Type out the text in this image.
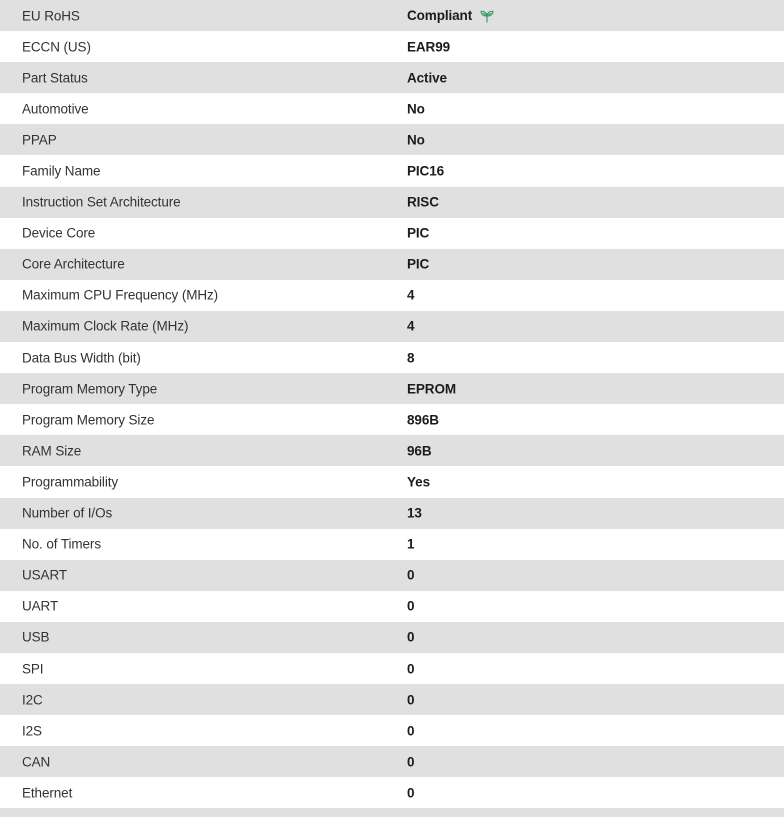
EU RoHS	Compliant
ECCN (US)	EAR99
Part Status	Active
Automotive	No
PPAP	No
Family Name	PIC16
Instruction Set Architecture	RISC
Device Core	PIC
Core Architecture	PIC
Maximum CPU Frequency (MHz)	4
Maximum Clock Rate (MHz)	4
Data Bus Width (bit)	8
Program Memory Type	EPROM
Program Memory Size	896B
RAM Size	96B
Programmability	Yes
Number of I/Os	13
No. of Timers	1
USART	0
UART	0
USB	0
SPI	0
I2C	0
I2S	0
CAN	0
Ethernet	0
